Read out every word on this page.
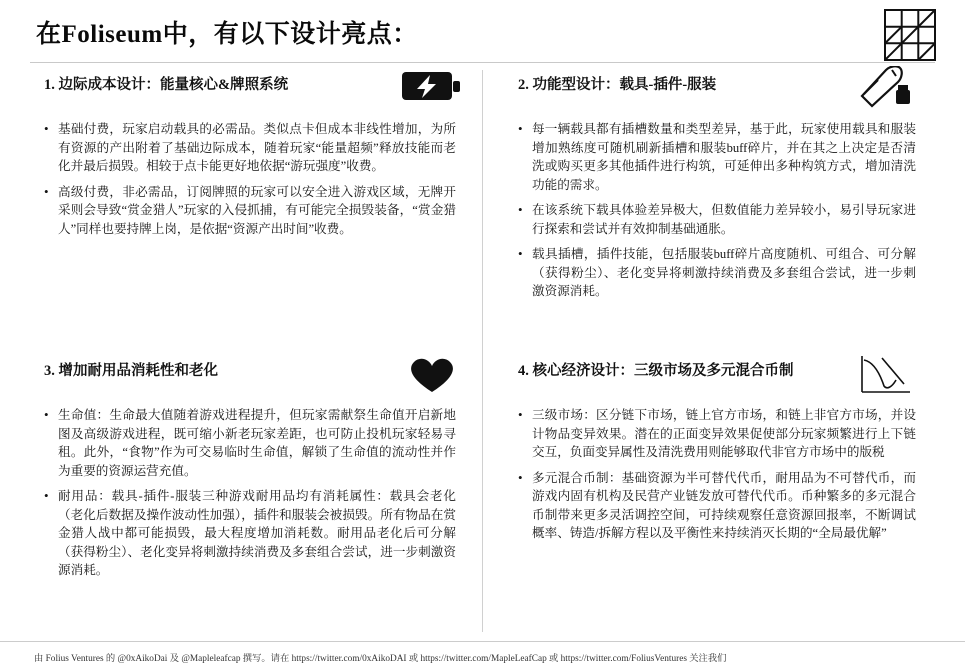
在Foliseum中，有以下设计亮点：
1. 边际成本设计：能量核心&牌照系统
• 基础付费，玩家启动载具的必需品。类似点卡但成本非线性增加，为所有资源的产出附着了基础边际成本，随着玩家“能量超频”释放技能而老化并最后损毁。相较于点卡能更好地依据“游玩强度”收费。
• 高级付费，非必需品，订阅牌照的玩家可以安全进入游戏区域，无牌开采则会导致“赏金猎人”玩家的入侵抓捕，有可能完全损毁装备，“赏金猎人”同样也要持牌上岗，是依据“资源产出时间”收费。
2. 功能型设计：载具-插件-服装
• 每一辆载具都有插槽数量和类型差异，基于此，玩家使用载具和服装增加熟练度可随机刷新插槽和服装buff碎片，并在其之上决定是否清洗或购买更多其他插件进行构筑，可延伸出多种构筑方式，增加清洗功能的需求。
• 在该系统下载具体验差异极大，但数值能力差异较小，易引导玩家进行探索和尝试并有效抑制基础通胀。
• 载具插槽，插件技能，包括服装buff碎片高度随机、可组合、可分解（获得粉尘）、老化变异将刺激持续消费及多套组合尝试，进一步刺激资源消耗。
3. 增加耐用品消耗性和老化
• 生命值：生命最大值随着游戏进程提升，但玩家需献祭生命值开启新地图及高级游戏进程，既可缩小新老玩家差距，也可防止投机玩家轻易寻租。此外，“食物”作为可交易临时生命值，解锁了生命值的流动性并作为重要的资源运营充值。
• 耐用品：载具-插件-服装三种游戏耐用品均有消耗属性：载具会老化（老化后数据及操作波动性加强），插件和服装会被损毁。所有物品在赏金猎人战中都可能损毁，最大程度增加消耗数。耐用品老化后可分解（获得粉尘）、老化变异将刺激持续消费及多套组合尝试，进一步刺激资源消耗。
4. 核心经济设计：三级市场及多元混合币制
• 三级市场：区分链下市场，链上官方市场，和链上非官方市场，并设计物品变异效果。潜在的正面变异效果促使部分玩家频繁进行上下链交互，负面变异属性及清洗费用则能够取代非官方市场中的版税
• 多元混合币制：基础资源为半可替代代币，耐用品为不可替代币，而游戏内固有机构及民营产业链发放可替代代币。币种繁多的多元混合币制带来更多灵活调控空间，可持续观察任意资源回报率，不断调试概率、铸造/拆解方程以及平衡性来持续消灭长期的“全局最优解”
由 Folius Ventures 的 @0xAikoDai 及 @Mapleleafcap 撰写。请在 https://twitter.com/0xAikoDAI 或 https://twitter.com/MapleLeafCap 或 https://twitter.com/FoliusVentures 关注我们
